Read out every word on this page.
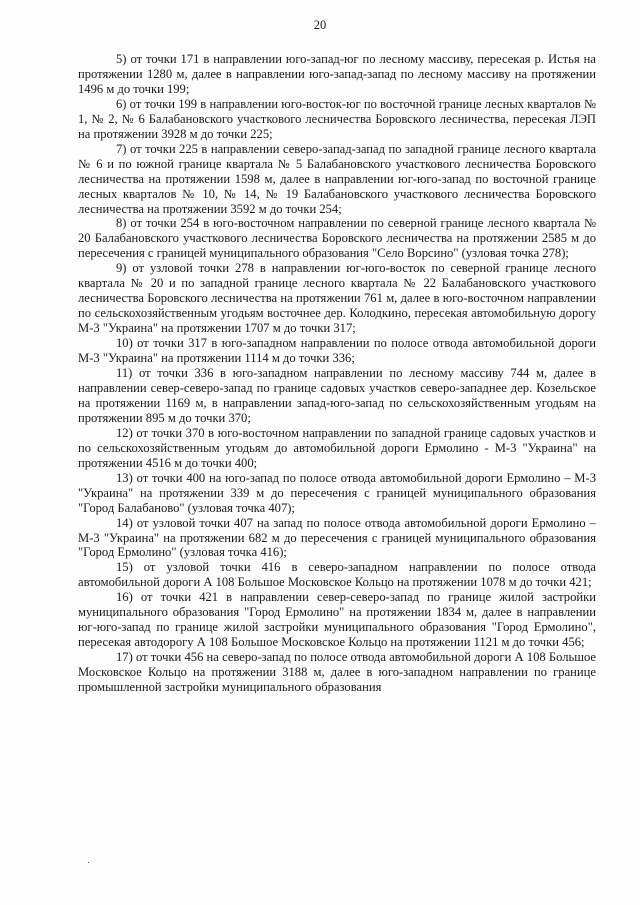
20

5) от точки 171 в направлении юго-запад-юг по лесному массиву, пересекая р. Истья на протяжении 1280 м, далее в направлении юго-запад-запад по лесному массиву на протяжении 1496 м до точки 199;

6) от точки 199 в направлении юго-восток-юг по восточной границе лесных кварталов № 1, № 2, № 6 Балабановского участкового лесничества Боровского лесничества, пересекая ЛЭП на протяжении 3928 м до точки 225;

7) от точки 225 в направлении северо-запад-запад по западной границе лесного квартала № 6 и по южной границе квартала № 5 Балабановского участкового лесничества Боровского лесничества на протяжении 1598 м, далее в направлении юг-юго-запад по восточной границе лесных кварталов № 10, № 14, № 19 Балабановского участкового лесничества Боровского лесничества на протяжении 3592 м до точки 254;

8) от точки 254 в юго-восточном направлении по северной границе лесного квартала № 20 Балабановского участкового лесничества Боровского лесничества на протяжении 2585 м до пересечения с границей муниципального образования "Село Ворсино" (узловая точка 278);

9) от узловой точки 278 в направлении юг-юго-восток по северной границе лесного квартала № 20 и по западной границе лесного квартала № 22 Балабановского участкового лесничества Боровского лесничества на протяжении 761 м, далее в юго-восточном направлении по сельскохозяйственным угодьям восточнее дер. Колодкино, пересекая автомобильную дорогу М-3 "Украина" на протяжении 1707 м до точки 317;

10) от точки 317 в юго-западном направлении по полосе отвода автомобильной дороги М-3 "Украина" на протяжении 1114 м до точки 336;

11) от точки 336 в юго-западном направлении по лесному массиву 744 м, далее в направлении север-северо-запад по границе садовых участков северо-западнее дер. Козельское на протяжении 1169 м, в направлении запад-юго-запад по сельскохозяйственным угодьям на протяжении 895 м до точки 370;

12) от точки 370 в юго-восточном направлении по западной границе садовых участков и по сельскохозяйственным угодьям до автомобильной дороги Ермолино - М-3 "Украина" на протяжении 4516 м до точки 400;

13) от точки 400 на юго-запад по полосе отвода автомобильной дороги Ермолино – М-3 "Украина" на протяжении 339 м до пересечения с границей муниципального образования "Город Балабаново" (узловая точка 407);

14) от узловой точки 407 на запад по полосе отвода автомобильной дороги Ермолино – М-3 "Украина" на протяжении 682 м до пересечения с границей муниципального образования "Город Ермолино" (узловая точка 416);

15) от узловой точки 416 в северо-западном направлении по полосе отвода автомобильной дороги А 108 Большое Московское Кольцо на протяжении 1078 м до точки 421;

16) от точки 421 в направлении север-северо-запад по границе жилой застройки муниципального образования "Город Ермолино" на протяжении 1834 м, далее в направлении юг-юго-запад по границе жилой застройки муниципального образования "Город Ермолино", пересекая автодорогу А 108 Большое Московское Кольцо на протяжении 1121 м до точки 456;

17) от точки 456 на северо-запад по полосе отвода автомобильной дороги А 108 Большое Московское Кольцо на протяжении 3188 м, далее в юго-западном направлении по границе промышленной застройки муниципального образования
